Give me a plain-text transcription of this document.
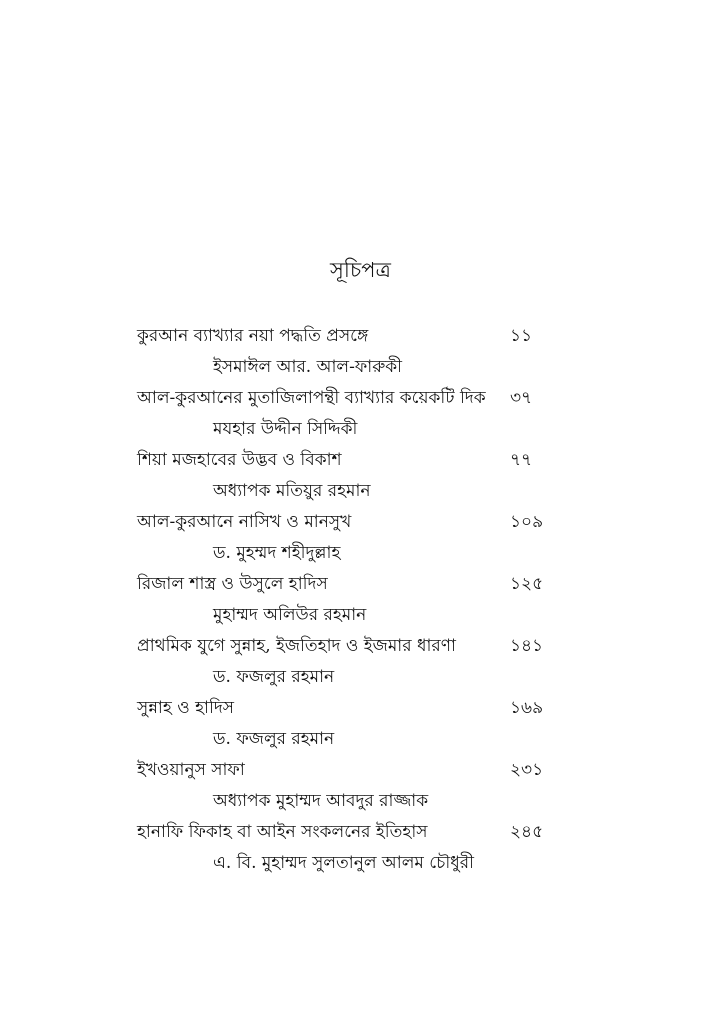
সূচিপত্র
কুরআন ব্যাখ্যার নয়া পদ্ধতি প্রসঙ্গে	১১
ইসমাঈল আর. আল-ফারুকী
আল-কুরআনের মুতাজিলাপন্থী ব্যাখ্যার কয়েকটি দিক ৩৭
মযহার উদ্দীন সিদ্দিকী
শিয়া মজহাবের উদ্ভব ও বিকাশ	৭৭
অধ্যাপক মতিয়ুর রহমান
আল-কুরআনে নাসিখ ও মানসুখ	১০৯
ড. মুহম্মদ শহীদুল্লাহ
রিজাল শাস্ত্র ও উসুলে হাদিস	১২৫
মুহাম্মদ অলিউর রহমান
প্রাথমিক যুগে সুন্নাহ, ইজতিহাদ ও ইজমার ধারণা	১৪১
ড. ফজলুর রহমান
সুন্নাহ ও হাদিস	১৬৯
ড. ফজলুর রহমান
ইখওয়ানুস সাফা	২৩১
অধ্যাপক মুহাম্মদ আবদুর রাজ্জাক
হানাফি ফিকাহ বা আইন সংকলনের ইতিহাস	২৪৫
এ. বি. মুহাম্মদ সুলতানুল আলম চৌধুরী
